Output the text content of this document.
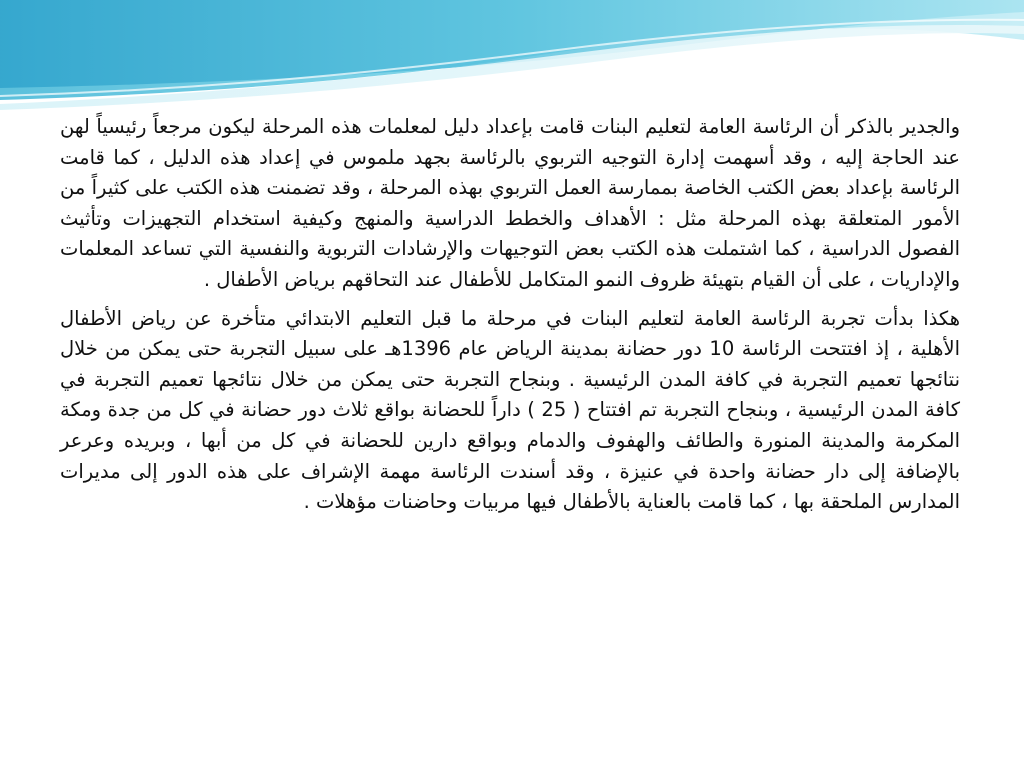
والجدير بالذكر أن الرئاسة العامة لتعليم البنات قامت بإعداد دليل لمعلمات هذه المرحلة ليكون مرجعاً رئيسياً لهن عند الحاجة إليه ، وقد أسهمت إدارة التوجيه التربوي بالرئاسة بجهد ملموس في إعداد هذه الدليل ، كما قامت الرئاسة بإعداد بعض الكتب الخاصة بممارسة العمل التربوي بهذه المرحلة ، وقد تضمنت هذه الكتب على كثيراً من الأمور المتعلقة بهذه المرحلة مثل : الأهداف والخطط الدراسية والمنهج وكيفية استخدام التجهيزات وتأثيث الفصول الدراسية ، كما اشتملت هذه الكتب بعض التوجيهات والإرشادات التربوية والنفسية التي تساعد المعلمات والإداريات ، على أن القيام بتهيئة ظروف النمو المتكامل للأطفال عند التحاقهم برياض الأطفال .

هكذا بدأت تجربة الرئاسة العامة لتعليم البنات في مرحلة ما قبل التعليم الابتدائي متأخرة عن رياض الأطفال الأهلية ، إذ افتتحت الرئاسة 10 دور حضانة بمدينة الرياض عام 1396هـ على سبيل التجربة حتى يمكن من خلال نتائجها تعميم التجربة في كافة المدن الرئيسية . وبنجاح التجربة حتى يمكن من خلال نتائجها تعميم التجربة في كافة المدن الرئيسية ، وبنجاح التجربة تم افتتاح ( 25 ) داراً للحضانة بواقع ثلاث دور حضانة في كل من جدة ومكة المكرمة والمدينة المنورة والطائف والهفوف والدمام وبواقع دارين للحضانة في كل من أبها ، وبريده وعرعر بالإضافة إلى دار حضانة واحدة في عنيزة ، وقد أسندت الرئاسة مهمة الإشراف على هذه الدور إلى مديرات المدارس الملحقة بها ، كما قامت بالعناية بالأطفال فيها مربيات وحاضنات مؤهلات .
